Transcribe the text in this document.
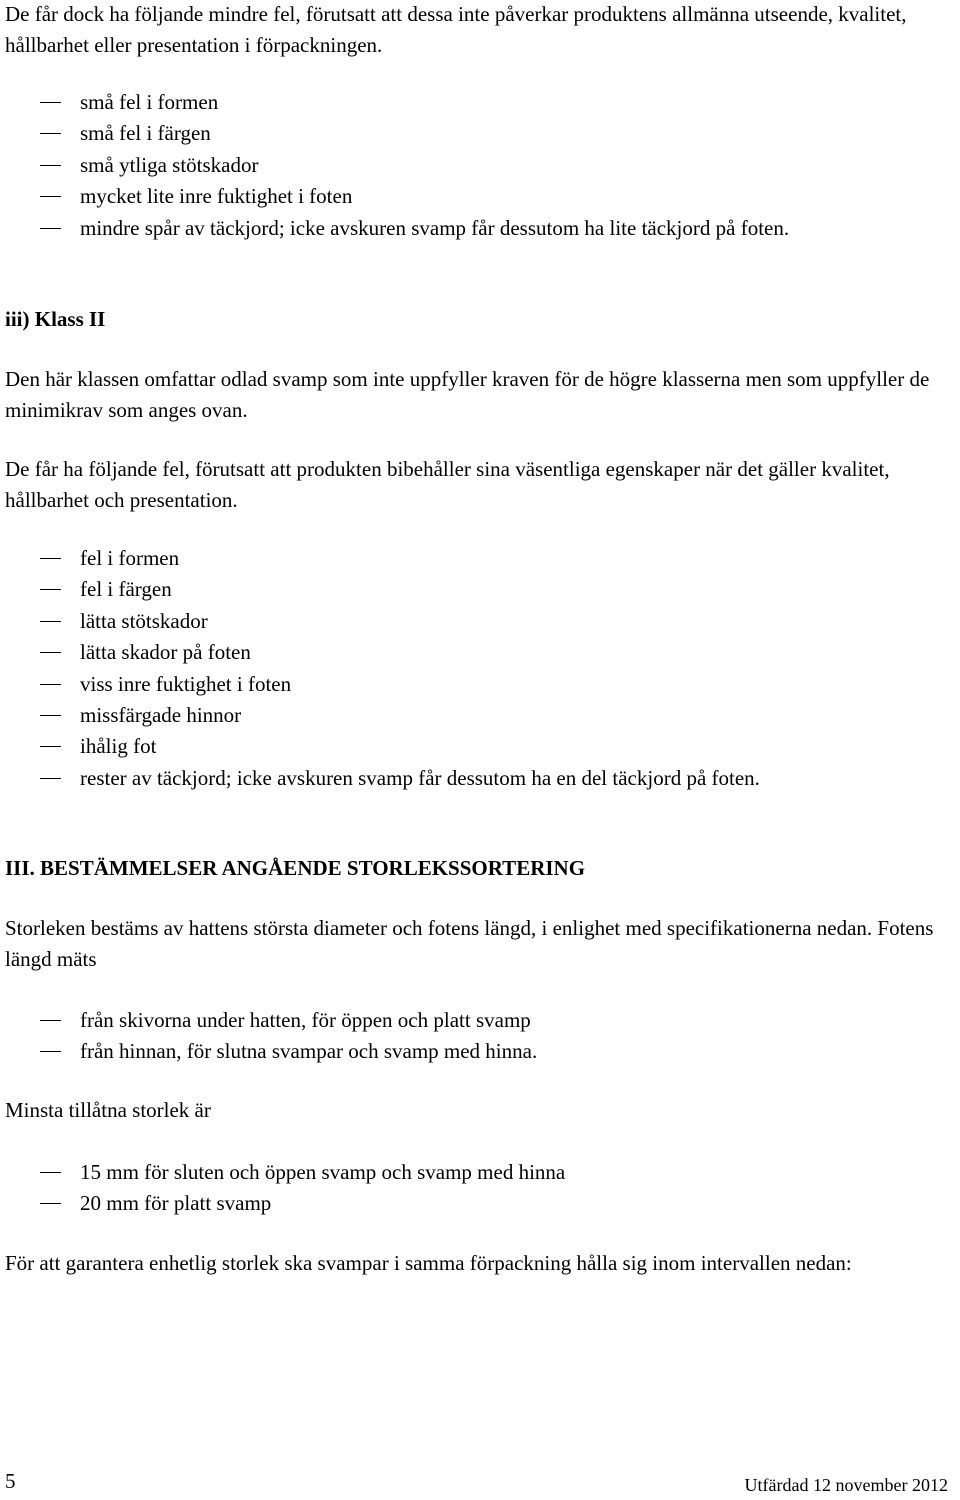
De får dock ha följande mindre fel, förutsatt att dessa inte påverkar produktens allmänna utseende, kvalitet, hållbarhet eller presentation i förpackningen.

små fel i formen
små fel i färgen
små ytliga stötskador
mycket lite inre fuktighet i foten
mindre spår av täckjord; icke avskuren svamp får dessutom ha lite täckjord på foten.

iii) Klass II

Den här klassen omfattar odlad svamp som inte uppfyller kraven för de högre klasserna men som uppfyller de minimikrav som anges ovan.

De får ha följande fel, förutsatt att produkten bibehåller sina väsentliga egenskaper när det gäller kvalitet, hållbarhet och presentation.

fel i formen
fel i färgen
lätta stötskador
lätta skador på foten
viss inre fuktighet i foten
missfärgade hinnor
ihålig fot
rester av täckjord; icke avskuren svamp får dessutom ha en del täckjord på foten.

III. BESTÄMMELSER ANGÅENDE STORLEKSSORTERING

Storleken bestäms av hattens största diameter och fotens längd, i enlighet med specifikationerna nedan. Fotens längd mäts

från skivorna under hatten, för öppen och platt svamp
från hinnan, för slutna svampar och svamp med hinna.

Minsta tillåtna storlek är

15 mm för sluten och öppen svamp och svamp med hinna
20 mm för platt svamp

För att garantera enhetlig storlek ska svampar i samma förpackning hålla sig inom intervallen nedan:

5	Utfärdad 12 november 2012
